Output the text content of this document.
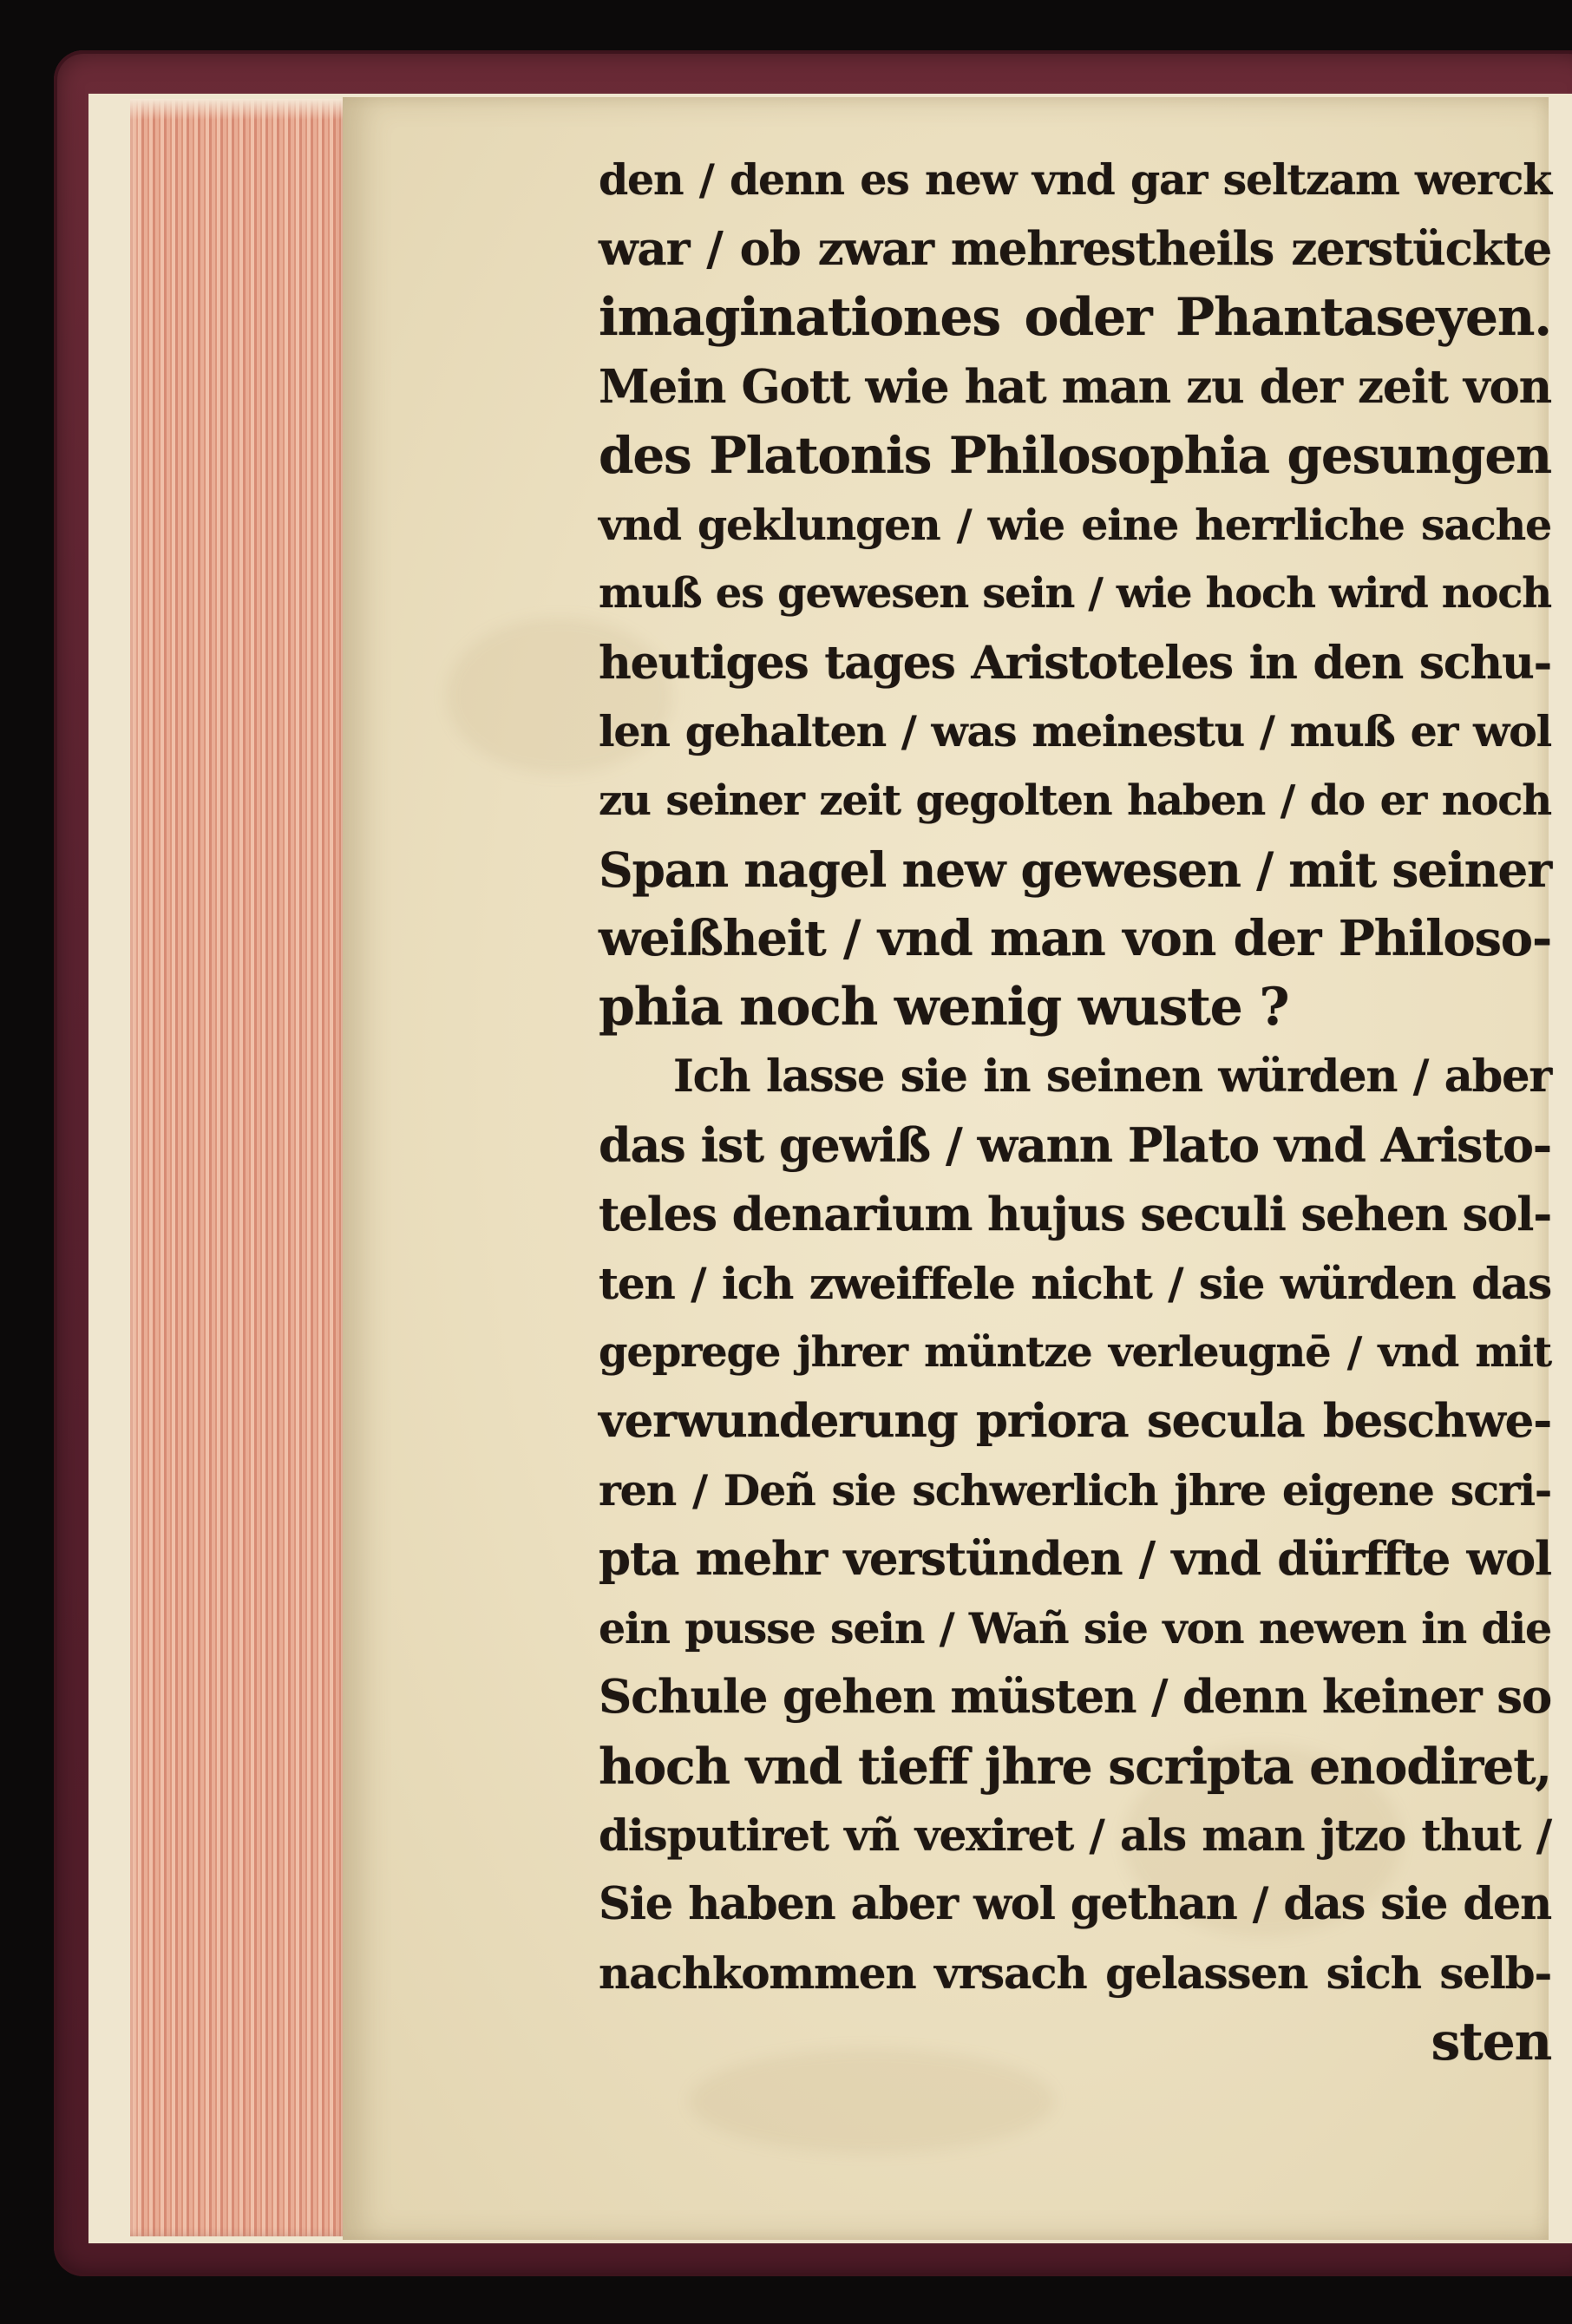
den / denn es new vnd gar seltzam werck
war / ob zwar mehrestheils zerstückte
imaginationes oder Phantaseyen.
Mein Gott wie hat man zu der zeit von
des Platonis Philosophia gesungen
vnd geklungen / wie eine herrliche sache
muß es gewesen sein / wie hoch wird noch
heutiges tages Aristoteles in den schu-
len gehalten / was meinestu / muß er wol
zu seiner zeit gegolten haben / do er noch
Span nagel new gewesen / mit seiner
weißheit / vnd man von der Philoso-
phia noch wenig wuste ?
Ich lasse sie in seinen würden / aber
das ist gewiß / wann Plato vnd Aristo-
teles denarium hujus seculi sehen sol-
ten / ich zweiffele nicht / sie würden das
geprege jhrer müntze verleugnē / vnd mit
verwunderung priora secula beschwe-
ren / Deñ sie schwerlich jhre eigene scri-
pta mehr verstünden / vnd dürffte wol
ein pusse sein / Wañ sie von newen in die
Schule gehen müsten / denn keiner so
hoch vnd tieff jhre scripta enodiret,
disputiret vñ vexiret / als man jtzo thut /
Sie haben aber wol gethan / das sie den
nachkommen vrsach gelassen sich selb-
sten
